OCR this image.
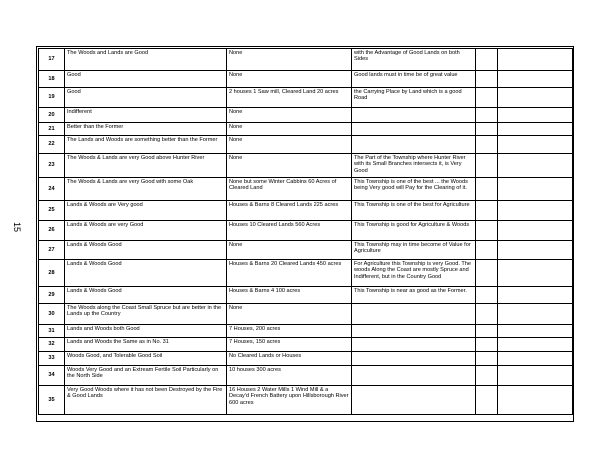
15
17	The Woods and Lands are Good	None	with the Advantage of Good Lands on both Sides		
18	Good	None	Good lands must in time be of great value		
19	Good	2 houses 1 Saw mill, Cleared Land 20 acres	the Carrying Place by Land which is a good Road		
20	Indifferent	None			
21	Better than the Former	None			
22	The Lands and Woods are something better than the Former	None			
23	The Woods & Lands are very Good above Hunter River	None	The Part of the Township where Hunter River with its Small Branches intersects it, is Very Good		
24	The Woods & Lands are very Good with some Oak	None but some Winter Cabbins 60 Acres of Cleared Land	This Township is one of the best ... the Woods being Very good will Pay for the Clearing of it.		
25	Lands & Woods are Very good	Houses & Barns 8 Cleared Lands 225 acres	This Township is one of the best for Agriculture		
26	Lands & Woods are very Good	Houses 10 Cleared Lands 560 Acres	This Township is good for Agriculture & Woods		
27	Lands & Woods Good	None	This Township may in time become of Value for Agriculture		
28	Lands & Woods Good	Houses & Barns 20 Cleared Lands 450 acres	For Agriculture this Township is very Good. The woods Along the Coast are mostly Spruce and Indifferent, but in the Country Good		
29	Lands & Woods Good	Houses & Barns 4 100 acres	This Township is near as good as the Former.		
30	The Woods along the Coast Small Spruce but are better in the Lands up the Country	None			
31	Lands and Woods both Good	7 Houses, 200 acres			
32	Lands and Woods the Same as in No. 31	7 Houses, 150 acres			
33	Woods Good, and Tolerable Good Soil	No Cleared Lands or Houses			
34	Woods Very Good and an Extream Fertile Soil Particularly on the North Side	10 houses 300 acres			
35	Very Good Woods where it has not been Destroyed by the Fire & Good Lands	16 Houses 2 Water Mills 1 Wind Mill & a Decay'd French Battery upon Hillsborough River 600 acres			
